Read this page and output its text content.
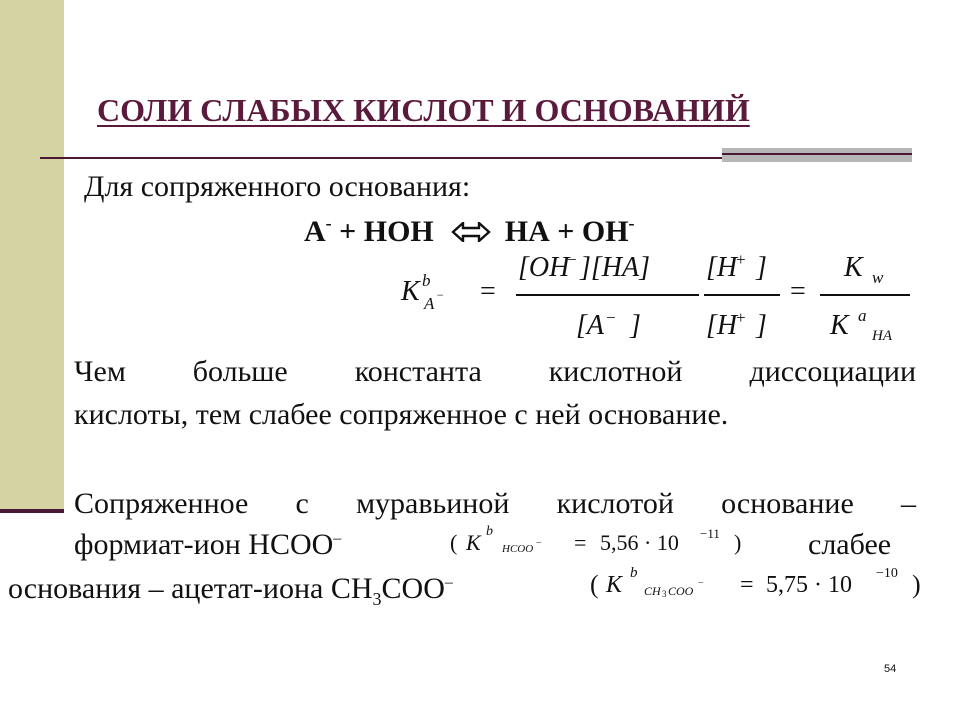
СОЛИ СЛАБЫХ КИСЛОТ И ОСНОВАНИЙ
Для сопряженного основания:
А- + НОН НА + ОН-
K b
A − =
[OH
− ][HA]
[A − ]
[H
+ ]
[H
+ ]
=
K w
K a
HA
Чем больше константа кислотной диссоциации
кислоты, тем слабее сопряженное с ней основание.
Сопряженное с муравьиной кислотой основание –
формиат-ион НСОО–	( K b
HCOO − = 5,56 · 10 −11 ) слабее
основания – ацетат-иона $СН_3СОО^-$	( K b
CH 3 COO
− = 5,75 · 10 −10 )
54
